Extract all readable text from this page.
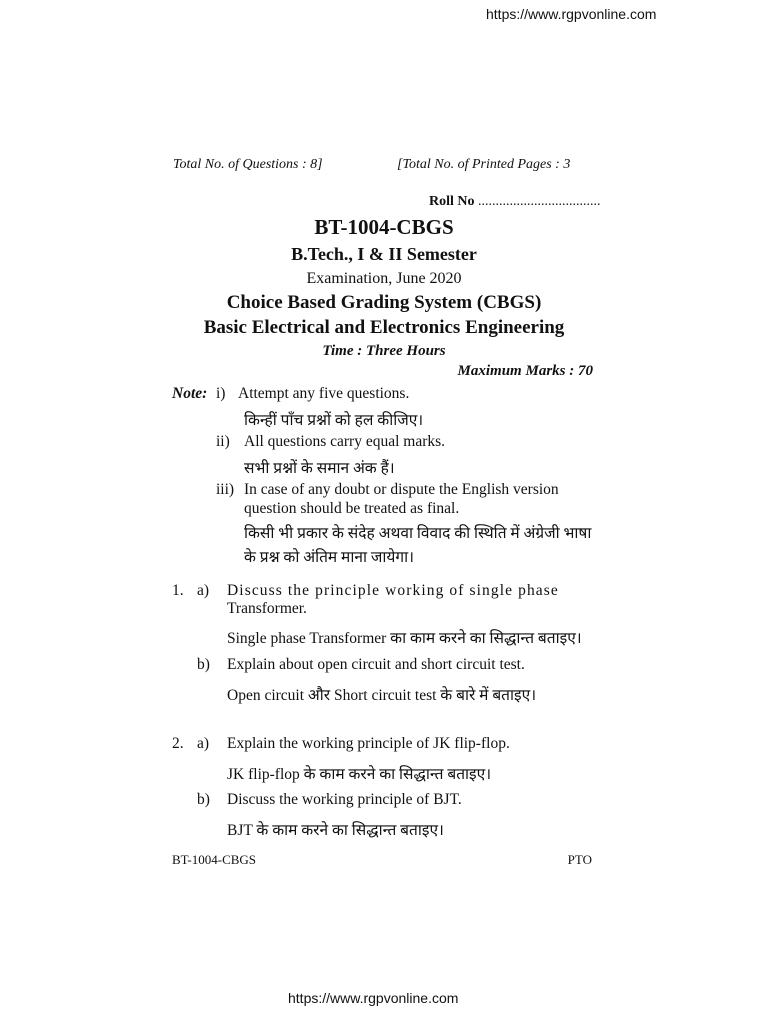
https://www.rgpvonline.com
Total No. of Questions : 8]	[Total No. of Printed Pages : 3
Roll No ...................................
BT-1004-CBGS
B.Tech., I & II Semester
Examination, June 2020
Choice Based Grading System (CBGS)
Basic Electrical and Electronics Engineering
Time : Three Hours
Maximum Marks : 70
Note: i) Attempt any five questions.
किन्हीं पाँच प्रश्नों को हल कीजिए।
ii) All questions carry equal marks.
सभी प्रश्नों के समान अंक हैं।
iii) In case of any doubt or dispute the English version
question should be treated as final.
किसी भी प्रकार के संदेह अथवा विवाद की स्थिति में अंग्रेजी भाषा
के प्रश्न को अंतिम माना जायेगा।
1. a) Discuss the principle working of single phase
Transformer.
Single phase Transformer का काम करने का सिद्धान्त बताइए।
b) Explain about open circuit and short circuit test.
Open circuit और Short circuit test के बारे में बताइए।
2. a) Explain the working principle of JK flip-flop.
JK flip-flop के काम करने का सिद्धान्त बताइए।
b) Discuss the working principle of BJT.
BJT के काम करने का सिद्धान्त बताइए।
BT-1004-CBGS	PTO
https://www.rgpvonline.com
